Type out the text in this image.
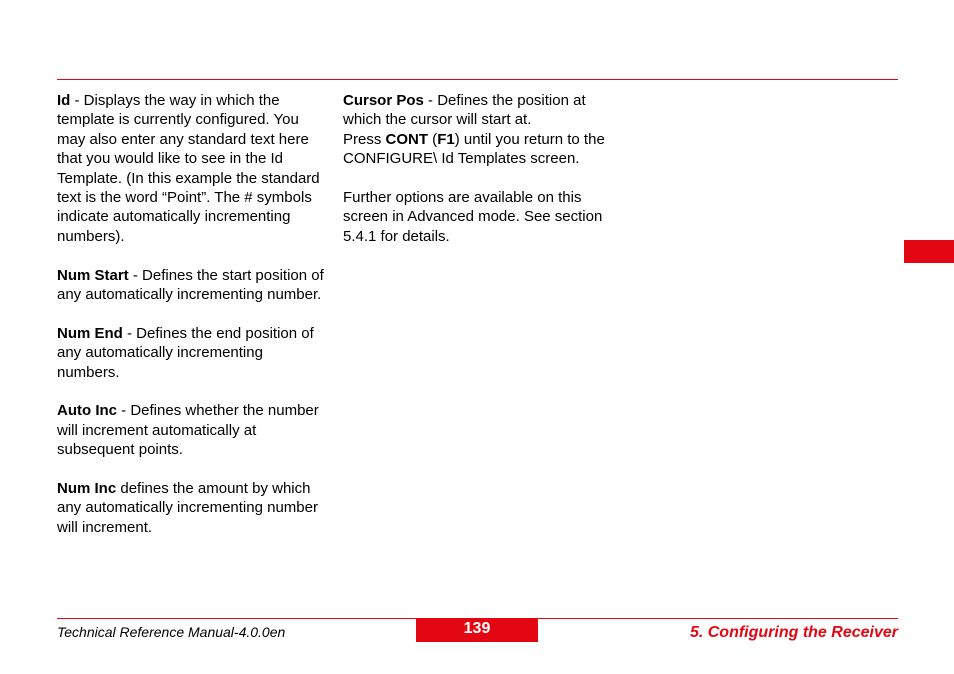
Id - Displays the way in which the template is currently configured. You may also enter any standard text here that you would like to see in the Id Template. (In this example the standard text is the word “Point”. The # symbols indicate automatically incrementing numbers).

Num Start - Defines the start position of any automatically incrementing number.

Num End - Defines the end position of any automatically incrementing numbers.

Auto Inc - Defines whether the number will increment automatically at subsequent points.

Num Inc defines the amount by which any automatically incrementing number will increment.

Cursor Pos - Defines the position at which the cursor will start at.

Press CONT (F1) until you return to the CONFIGURE\ Id Templates screen.

Further options are available on this screen in Advanced mode. See section 5.4.1 for details.

Technical Reference Manual-4.0.0en	139	5. Configuring the Receiver
